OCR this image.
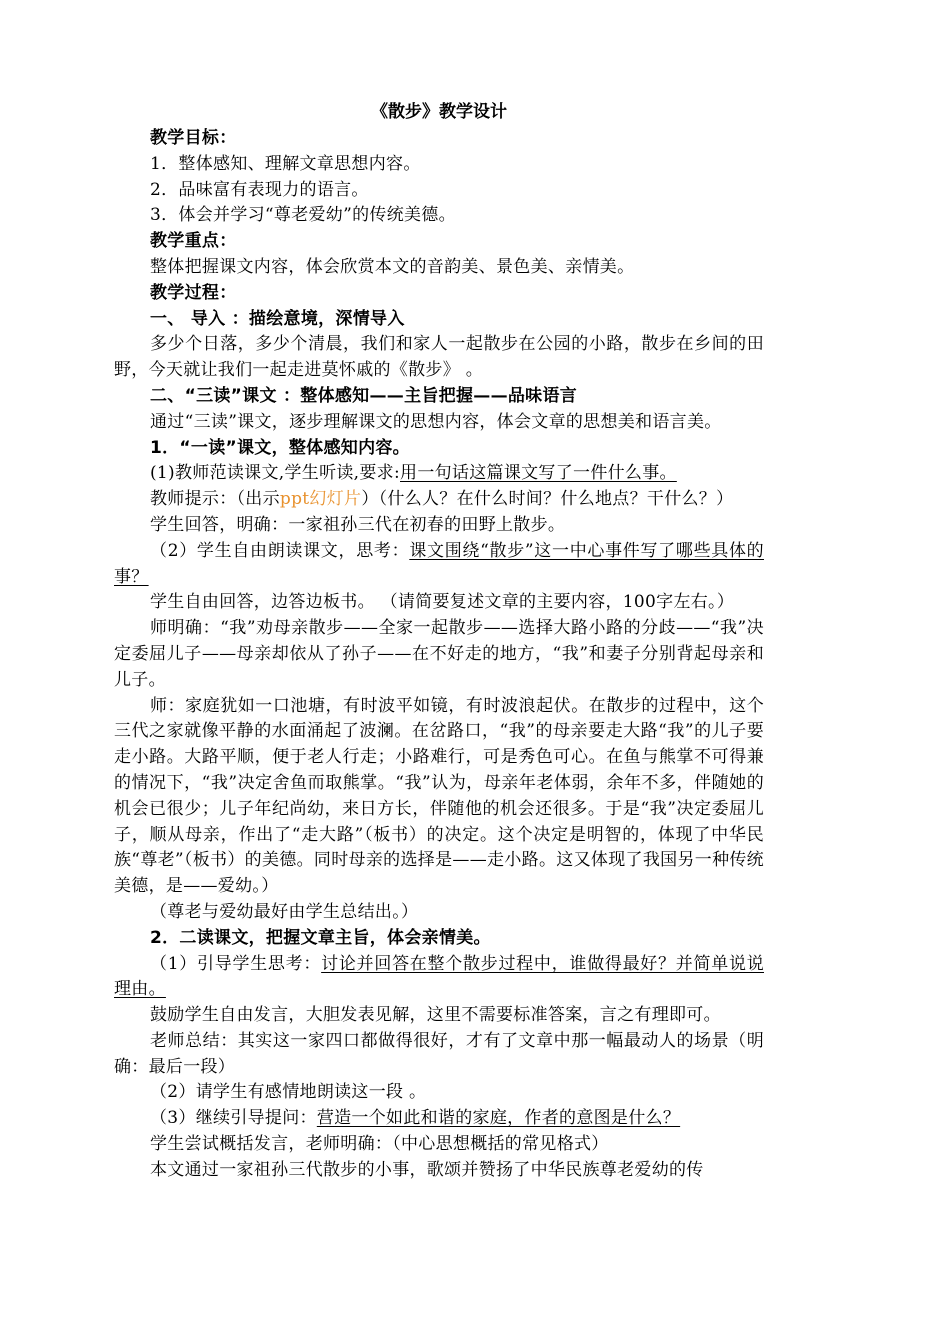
《散步》教学设计

教学目标：

1．整体感知、理解文章思想内容。

2．品味富有表现力的语言。

3．体会并学习“尊老爱幼”的传统美德。

教学重点：

整体把握课文内容，体会欣赏本文的音韵美、景色美、亲情美。

教学过程：

一、 导入 ：描绘意境，深情导入

多少个日落，多少个清晨，我们和家人一起散步在公园的小路，散步在乡间的田野，今天就让我们一起走进莫怀戚的《散步》 。

二、“三读”课文 ：整体感知——主旨把握——品味语言

通过“三读”课文，逐步理解课文的思想内容，体会文章的思想美和语言美。

1．“一读”课文，整体感知内容。

(1)教师范读课文,学生听读,要求:用一句话这篇课文写了一件什么事。

教师提示：（出示ppt幻灯片）（什么人？在什么时间？什么地点？干什么？）

学生回答，明确：一家祖孙三代在初春的田野上散步。

（2）学生自由朗读课文，思考：课文围绕“散步”这一中心事件写了哪些具体的事？

学生自由回答，边答边板书。 （请简要复述文章的主要内容，100字左右。）

师明确：“我”劝母亲散步——全家一起散步——选择大路小路的分歧——“我”决定委屈儿子——母亲却依从了孙子——在不好走的地方，“我”和妻子分别背起母亲和儿子。

师：家庭犹如一口池塘，有时波平如镜，有时波浪起伏。在散步的过程中，这个三代之家就像平静的水面涌起了波澜。在岔路口，“我”的母亲要走大路“我”的儿子要走小路。大路平顺，便于老人行走；小路难行，可是秀色可心。在鱼与熊掌不可得兼的情况下，“我”决定舍鱼而取熊掌。“我”认为，母亲年老体弱，余年不多，伴随她的机会已很少；儿子年纪尚幼，来日方长，伴随他的机会还很多。于是“我”决定委屈儿子，顺从母亲，作出了“走大路”（板书）的决定。这个决定是明智的，体现了中华民族“尊老”（板书）的美德。同时母亲的选择是——走小路。这又体现了我国另一种传统美德，是——爱幼。）

（尊老与爱幼最好由学生总结出。）

2．二读课文，把握文章主旨，体会亲情美。

（1）引导学生思考：讨论并回答在整个散步过程中，谁做得最好？并简单说说理由。

鼓励学生自由发言，大胆发表见解，这里不需要标准答案，言之有理即可。

老师总结：其实这一家四口都做得很好，才有了文章中那一幅最动人的场景（明确：最后一段）

（2）请学生有感情地朗读这一段 。

（3）继续引导提问：营造一个如此和谐的家庭，作者的意图是什么？

学生尝试概括发言，老师明确：（中心思想概括的常见格式）

本文通过一家祖孙三代散步的小事，歌颂并赞扬了中华民族尊老爱幼的传
